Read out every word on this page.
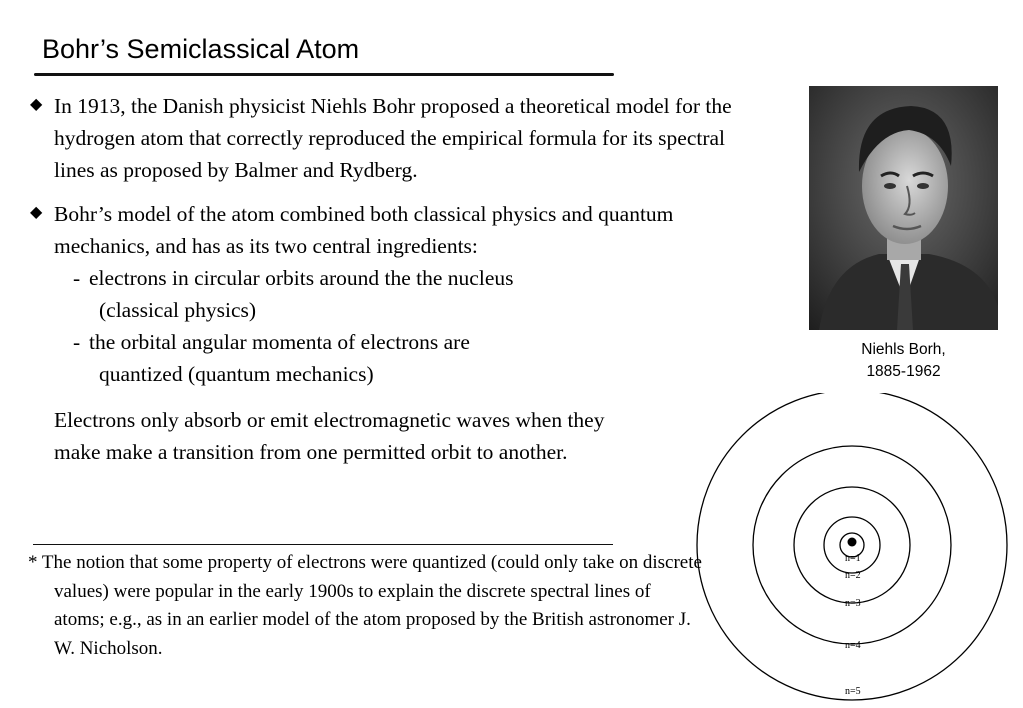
Bohr’s Semiclassical Atom

◆ In 1913, the Danish physicist Niehls Bohr proposed a theoretical model for the hydrogen atom that correctly reproduced the empirical formula for its spectral lines as proposed by Balmer and Rydberg.

◆ Bohr’s model of the atom combined both classical physics and quantum mechanics, and has as its two central ingredients:

- electrons in circular orbits around the the nucleus
(classical physics)
- the orbital angular momenta of electrons are
quantized (quantum mechanics)

Electrons only absorb or emit electromagnetic waves when they make make a transition from one permitted orbit to another.

* The notion that some property of electrons were quantized (could only take on discrete values) were popular in the early 1900s to explain the discrete spectral lines of atoms; e.g., as in an earlier model of the atom proposed by the British astronomer J. W. Nicholson.
Niehls Borh,
1885-1962
n=1
n=2
n=3
n=4
n=5
